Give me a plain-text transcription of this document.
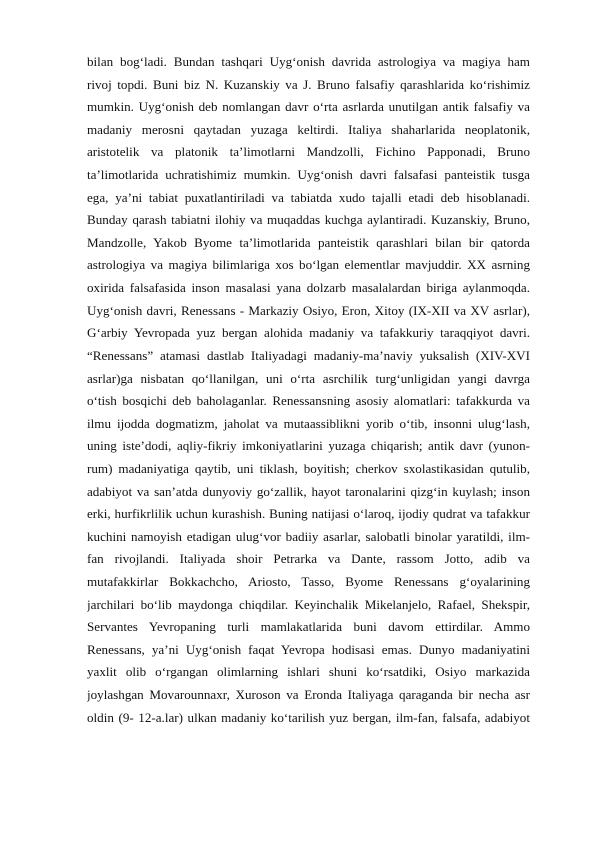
bilan bog‘ladi. Bundan tashqari Uyg‘onish davrida astrologiya va magiya ham
rivoj topdi. Buni biz N. Kuzanskiy va J. Bruno falsafiy qarashlarida ko‘rishimiz
mumkin. Uyg‘onish deb nomlangan davr o‘rta asrlarda unutilgan antik falsafiy va
madaniy merosni qaytadan yuzaga keltirdi. Italiya shaharlarida neoplatonik,
aristotelik va platonik ta’limotlarni Mandzolli, Fichino Papponadi, Bruno
ta’limotlarida uchratishimiz mumkin. Uyg‘onish davri falsafasi panteistik tusga
ega, ya’ni tabiat puxatlantiriladi va tabiatda xudo tajalli etadi deb hisoblanadi.
Bunday qarash tabiatni ilohiy va muqaddas kuchga aylantiradi. Kuzanskiy, Bruno,
Mandzolle, Yakob Byome ta’limotlarida panteistik qarashlari bilan bir qatorda
astrologiya va magiya bilimlariga xos bo‘lgan elementlar mavjuddir. XX asrning
oxirida falsafasida inson masalasi yana dolzarb masalalardan biriga aylanmoqda.
Uyg‘onish davri, Renessans - Markaziy Osiyo, Eron, Xitoy (IX-XII va XV asrlar),
G‘arbiy Yevropada yuz bergan alohida madaniy va tafakkuriy taraqqiyot davri.
“Renessans” atamasi dastlab Italiyadagi madaniy-ma’naviy yuksalish (XIV-XVI
asrlar)ga nisbatan qo‘llanilgan, uni o‘rta asrchilik turg‘unligidan yangi davrga
o‘tish bosqichi deb baholaganlar. Renessansning asosiy alomatlari: tafakkurda va
ilmu ijodda dogmatizm, jaholat va mutaassiblikni yorib o‘tib, insonni ulug‘lash,
uning iste’dodi, aqliy-fikriy imkoniyatlarini yuzaga chiqarish; antik davr (yunon-
rum) madaniyatiga qaytib, uni tiklash, boyitish; cherkov sxolastikasidan qutulib,
adabiyot va san’atda dunyoviy go‘zallik, hayot taronalarini qizg‘in kuylash; inson
erki, hurfikrlilik uchun kurashish. Buning natijasi o‘laroq, ijodiy qudrat va tafakkur
kuchini namoyish etadigan ulug‘vor badiiy asarlar, salobatli binolar yaratildi, ilm-
fan rivojlandi. Italiyada shoir Petrarka va Dante, rassom Jotto, adib va
mutafakkirlar Bokkachcho, Ariosto, Tasso, Byome Renessans g‘oyalarining
jarchilari bo‘lib maydonga chiqdilar. Keyinchalik Mikelanjelo, Rafael, Shekspir,
Servantes Yevropaning turli mamlakatlarida buni davom ettirdilar. Ammo
Renessans, ya’ni Uyg‘onish faqat Yevropa hodisasi emas. Dunyo madaniyatini
yaxlit olib o‘rgangan olimlarning ishlari shuni ko‘rsatdiki, Osiyo markazida
joylashgan Movarounnaxr, Xuroson va Eronda Italiyaga qaraganda bir necha asr
oldin (9- 12-a.lar) ulkan madaniy ko‘tarilish yuz bergan, ilm-fan, falsafa, adabiyot
